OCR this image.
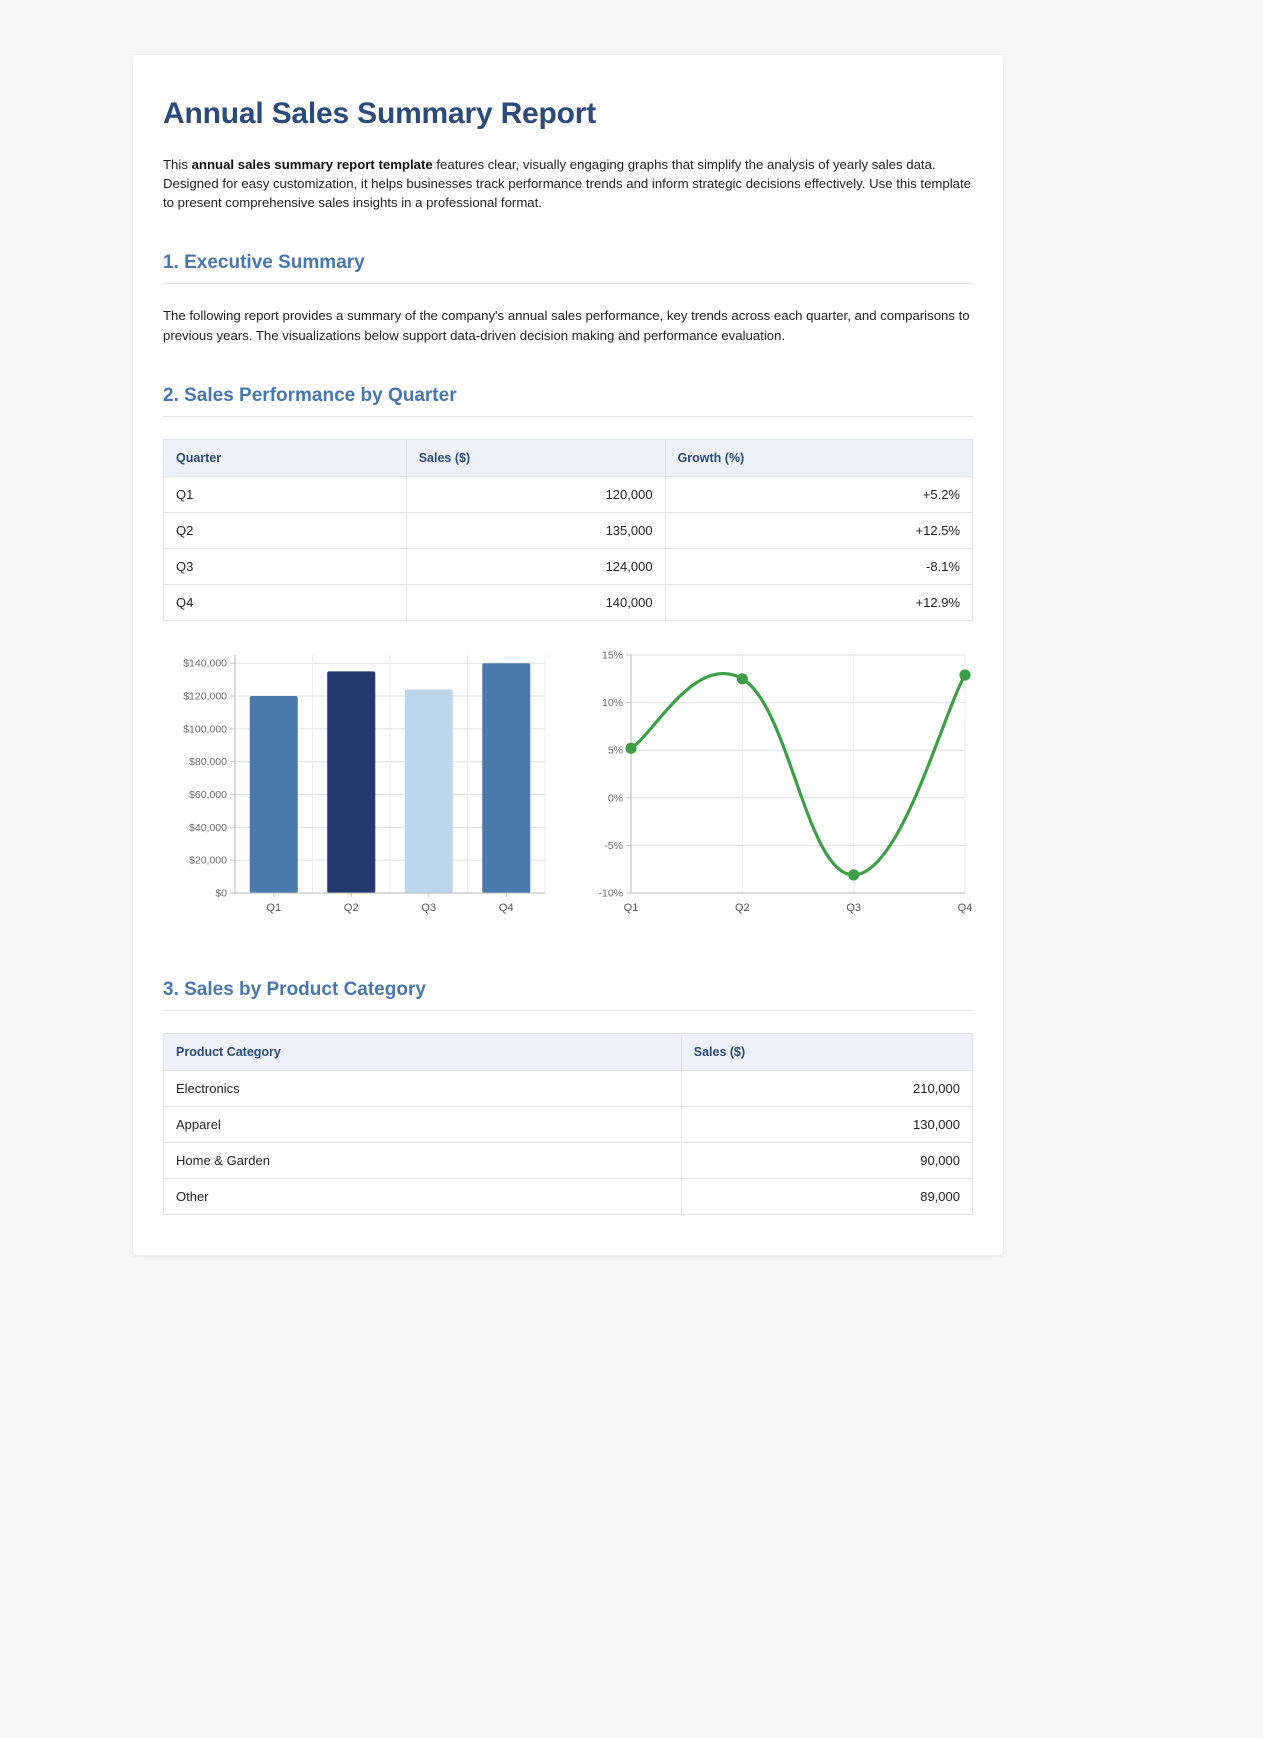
Annual Sales Summary Report

This annual sales summary report template features clear, visually engaging graphs that simplify the analysis of yearly sales data. Designed for easy customization, it helps businesses track performance trends and inform strategic decisions effectively. Use this template to present comprehensive sales insights in a professional format.

1. Executive Summary

The following report provides a summary of the company's annual sales performance, key trends across each quarter, and comparisons to previous years. The visualizations below support data-driven decision making and performance evaluation.

2. Sales Performance by Quarter
Quarter	Sales ($)	Growth (%)
Q1	120,000	+5.2%
Q2	135,000	+12.5%
Q3	124,000	-8.1%
Q4	140,000	+12.9%
$0
$20,000
$40,000
$60,000
$80,000
$100,000
$120,000
$140,000
Q1	Q2	Q3	Q4
-10%
-5%
0%
5%
10%
15%
Q1	Q2	Q3	Q4
3. Sales by Product Category
Product Category	Sales ($)
Electronics	210,000
Apparel	130,000
Home & Garden	90,000
Other	89,000
